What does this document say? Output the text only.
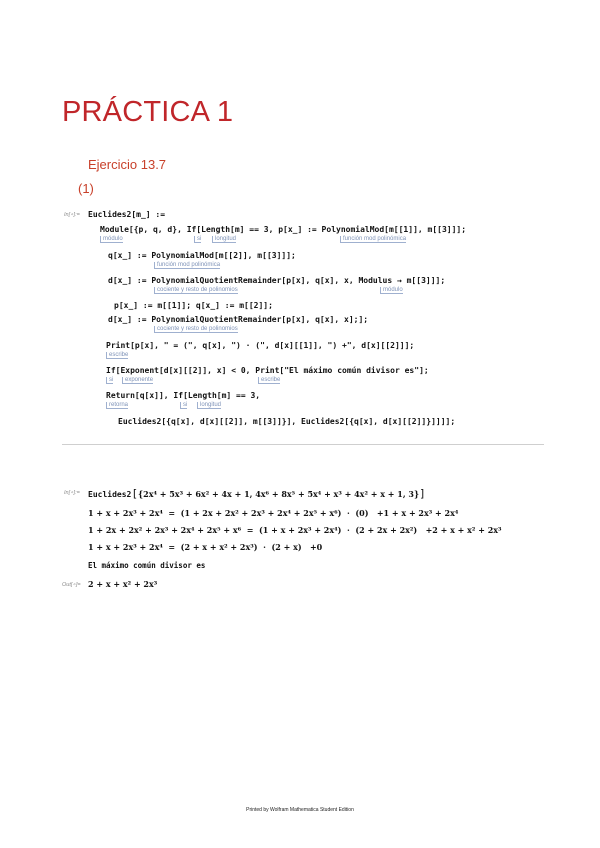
PRÁCTICA 1
Ejercicio 13.7
(1)
In[∘]:= Euclides2[m_] :=
Module[{p, q, d}, If[Length[m] == 3, p[x_] := PolynomialMod[m[[1]], m[[3]]];
módulo	si	longitud	función mod polinómica
q[x_] := PolynomialMod[m[[2]], m[[3]]];
función mod polinómica
d[x_] := PolynomialQuotientRemainder[p[x], q[x], x, Modulus → m[[3]]];
cociente y resto de polinomios	módulo
p[x_] := m[[1]]; q[x_] := m[[2]];
d[x_] := PolynomialQuotientRemainder[p[x], q[x], x];];
cociente y resto de polinomios
Print[p[x], " = (", q[x], ") · (", d[x][[1]], ") +", d[x][[2]]];
escribe
If[Exponent[d[x][[2]], x] < 0, Print["El máximo común divisor es"];
si	exponente	escribe
Return[q[x]], If[Length[m] == 3,
retorna	si	longitud
Euclides2[{q[x], d[x][[2]], m[[3]]}], Euclides2[{q[x], d[x][[2]]}]]]];
In[∘]:= Euclides2[{2x⁴ + 5x³ + 6x² + 4x + 1, 4x⁶ + 8x⁵ + 5x⁴ + x³ + 4x² + x + 1, 3}]
1 + x + 2x³ + 2x⁴  =  (1 + 2x + 2x² + 2x³ + 2x⁴ + 2x⁵ + x⁶)  ·  (0)   +1 + x + 2x³ + 2x⁴
1 + 2x + 2x² + 2x³ + 2x⁴ + 2x⁵ + x⁶  =  (1 + x + 2x³ + 2x⁴)  ·  (2 + 2x + 2x²)   +2 + x + x² + 2x³
1 + x + 2x³ + 2x⁴  =  (2 + x + x² + 2x³)  ·  (2 + x)   +0
El máximo común divisor es
Out[∘]= 2 + x + x² + 2x³
Printed by Wolfram Mathematica Student Edition
